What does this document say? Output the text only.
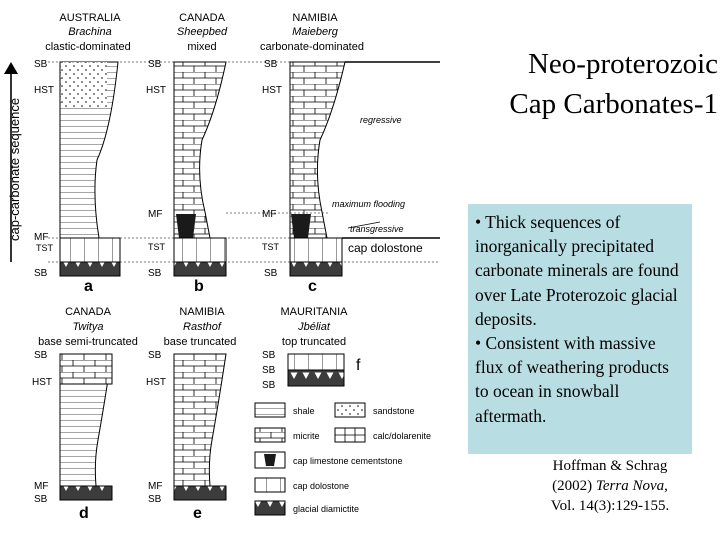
cap-carbonate sequence
AUSTRALIA
Brachina
clastic-dominated
SB
HST
MF
TST
SB
a
CANADA
Sheepbed
mixed
SB
HST
MF
TST
SB
b
NAMIBIA
Maieberg
carbonate-dominated
SB
HST
MF
TST
SB
c
regressive
maximum flooding
transgressive
cap dolostone
CANADA
Twitya
base semi-truncated
SB
HST
MF
SB
d
NAMIBIA
Rasthof
base truncated
SB
HST
MF
SB
e
MAURITANIA
Jbéliat
top truncated
SB
SB
SB
f
shale	sandstone
micrite	calc/dolarenite
cap limestone cementstone
cap dolostone
glacial diamictite
Neo-proterozoic
Cap Carbonates-1

• Thick sequences of inorganically precipitated carbonate minerals are found over Late Proterozoic glacial deposits.

• Consistent with massive flux of weathering products to ocean in snowball aftermath.

Hoffman & Schrag
(2002) Terra Nova,
Vol. 14(3):129-155.
